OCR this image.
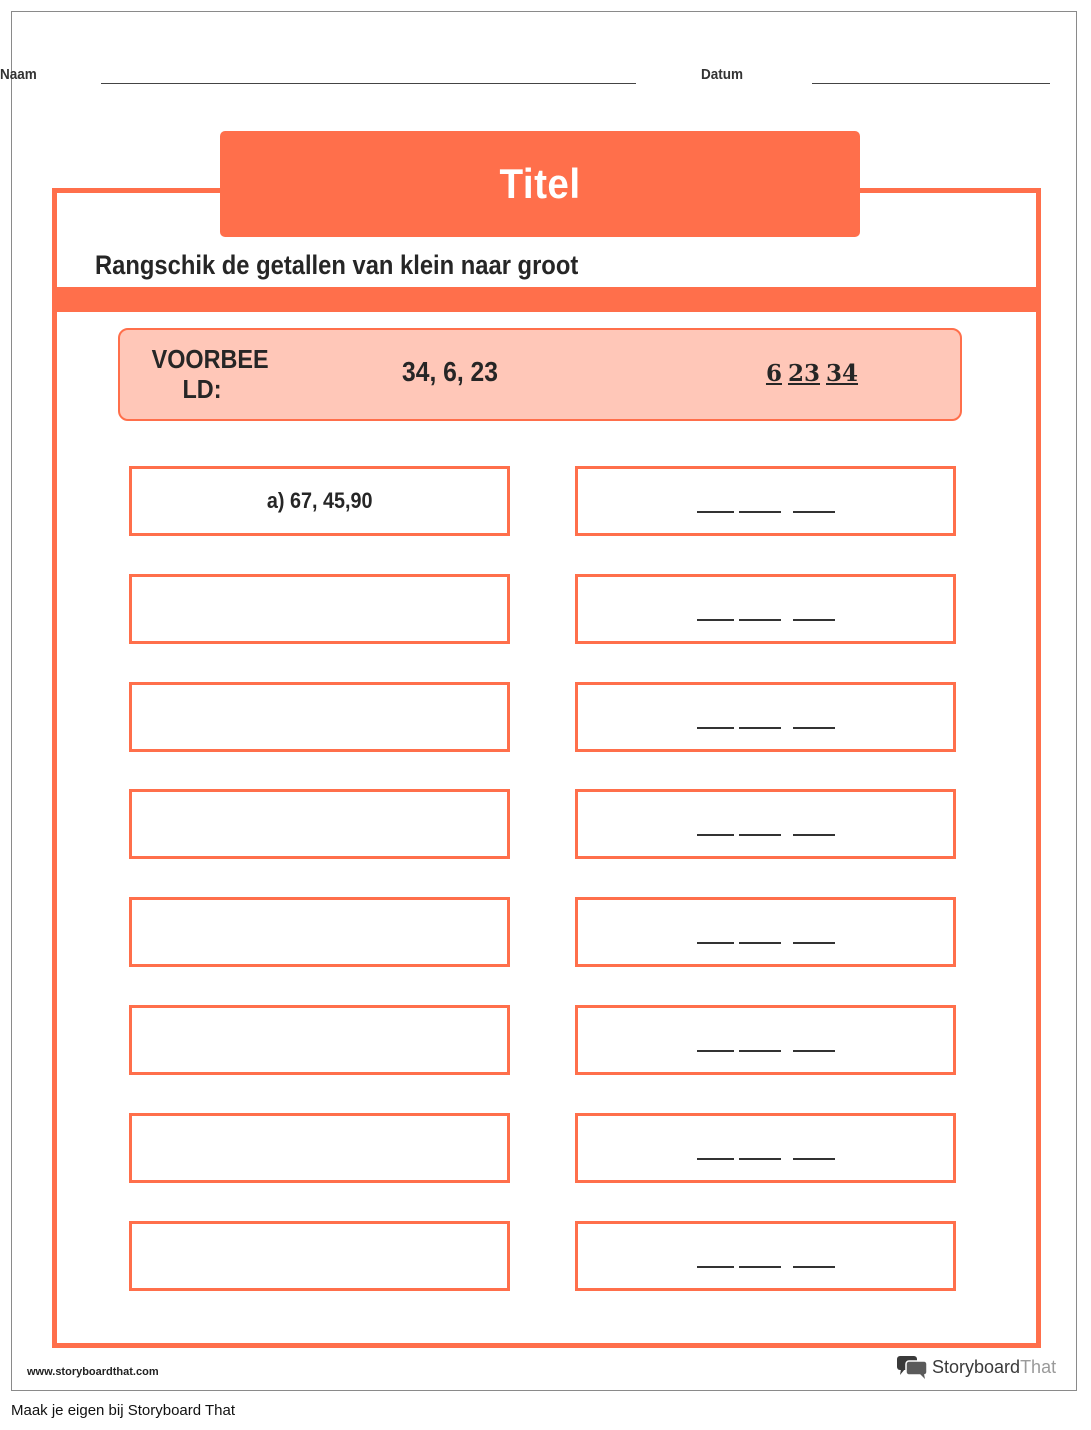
Naam	Datum
Titel
Rangschik de getallen van klein naar groot
VOORBEE
LD:
34, 6, 23	6 23 34
a) 67, 45,90
www.storyboardthat.com	StoryboardThat
Maak je eigen bij Storyboard That
